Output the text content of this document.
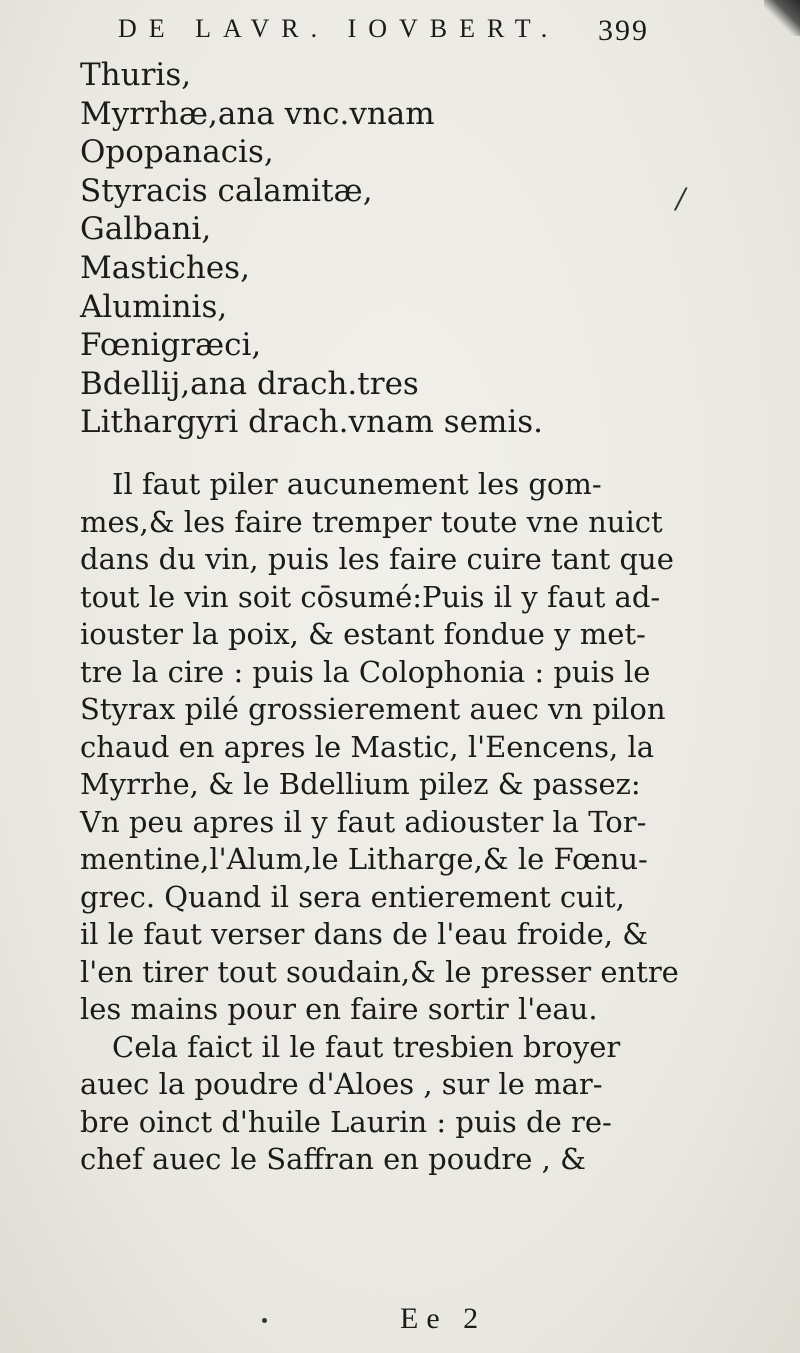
DE LAVR. IOVBERT.	399
Thuris,
Myrrhæ,ana vnc.vnam
Opopanacis,
Styracis calamitæ,
Galbani,
Mastiches,
Aluminis,
Fœnigræci,
Bdellij,ana drach.tres
Lithargyri drach.vnam semis.
/
Il faut piler aucunement les gom-
mes,& les faire tremper toute vne nuict
dans du vin, puis les faire cuire tant que
tout le vin soit cōsumé:Puis il y faut ad-
iouster la poix, & estant fondue y met-
tre la cire : puis la Colophonia : puis le
Styrax pilé grossierement auec vn pilon
chaud en apres le Mastic, l'Eencens, la
Myrrhe, & le Bdellium pilez & passez:
Vn peu apres il y faut adiouster la Tor-
mentine,l'Alum,le Litharge,& le Fœnu-
grec. Quand il sera entierement cuit,
il le faut verser dans de l'eau froide, &
l'en tirer tout soudain,& le presser entre
les mains pour en faire sortir l'eau.
Cela faict il le faut tresbien broyer
auec la poudre d'Aloes , sur le mar-
bre oinct d'huile Laurin : puis de re-
chef auec le Saffran en poudre , &
Ee 2
